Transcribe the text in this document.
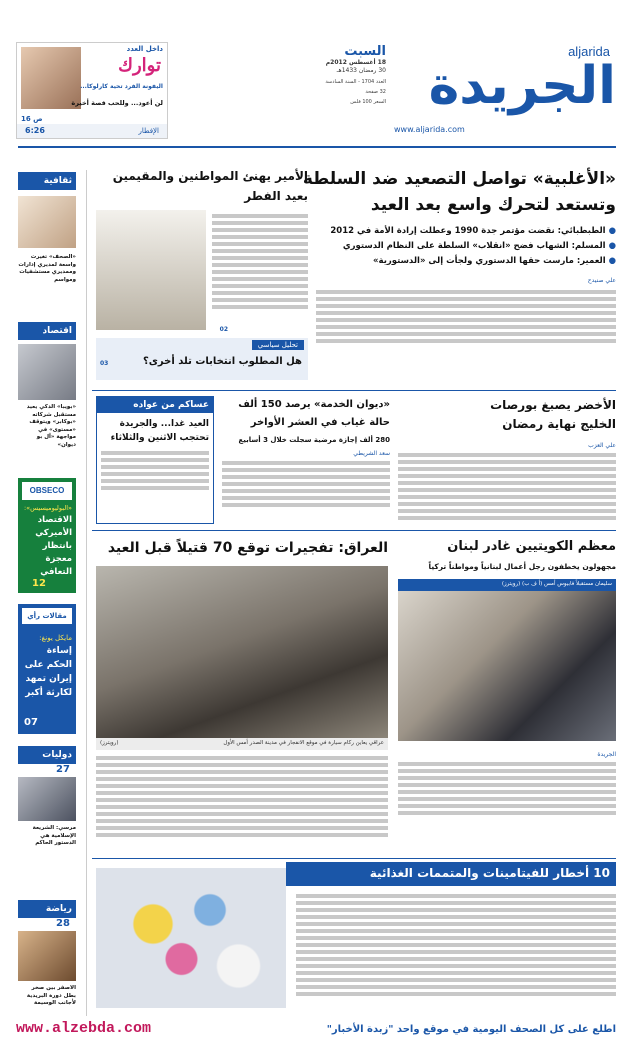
داخل العدد
توارك
اليفونة الفرد تحية كارلوكا...
لن أعود... وللحب قصة أخيرة
ص 16
6:26	الإفطار
السبت
18 أغسطس 2012م
30 رمضان 1433هـ
العدد 1704 - السنة السادسة
32 صفحة
السعر 100 فلس
aljarida
الجريدة
www.aljarida.com
ثقافية
«الصحف» تغيرت واسعة لمديري إدارات وممديري مستشفيات ومواسم
اقتصاد
«بويبا» الذكي يعيد مستقبل شركاته «بوكابر» ويتوقف «مستوى» في مواجهة «آل بو ديوان»
OBSECO
«البوليوميسيس»:
الاقتصاد الأميركي بانتظار معجزة التعافي
12
مقالات رأي
مايكل يونغ:
إساءة الحكم على إيران تمهد لكارثة أكبر
07
دوليات
27
مرسي: الشريعة الإسلامية هي الدستور الحاكم
رياضة
28
الأصفر بين صخر بطل دورة البريدية لأجانب الوسيمة
«الأغلبية» تواصل التصعيد ضد السلطة
وتستعد لتحرك واسع بعد العيد
● الطبطبائي: نقضت مؤتمر جدة 1990 وعطلت إرادة الأمة في 2012
● المسلم: الشهاب فضح «انقلاب» السلطة على النظام الدستوري
● العمير: مارست حقها الدستوري ولجأت إلى «الدستورية»
علي صنيدح
الأمير يهنئ المواطنين والمقيمين
بعيد الفطر
02
تحليل سياسي
هل المطلوب انتخابات تلد أخرى؟
03
الأخضر يصبغ بورصات
الخليج نهاية رمضان
علي العزب
«ديوان الخدمة» يرصد 150 ألف
حالة غياب في العشر الأواخر
280 ألف إجازة مرضية سجلت خلال 3 أسابيع
سعد الشريطي
عساكم من عواده
العيد غدا... والجريدة
تحتجب الاثنين والثلاثاء
العراق: تفجيرات توقع 70 قتيلاً قبل العيد
عراقي يعاين ركام سيارة في موقع الانفجار في مدينة الصدر أمس الأول
(رويترز)
معظم الكويتيين غادر لبنان
مجهولون يخطفون رجل أعمال لبنانياً ومواطناً تركياً
سليمان مستقبلاً فابيوس أمس (أ ف ب) (رويترز)
الجريدة
10 أخطار للفيتامينات والمتممات الغذائية
www.alzebda.com	اطلع على كل الصحف اليومية في موقع واحد "زبدة الأخبار"
